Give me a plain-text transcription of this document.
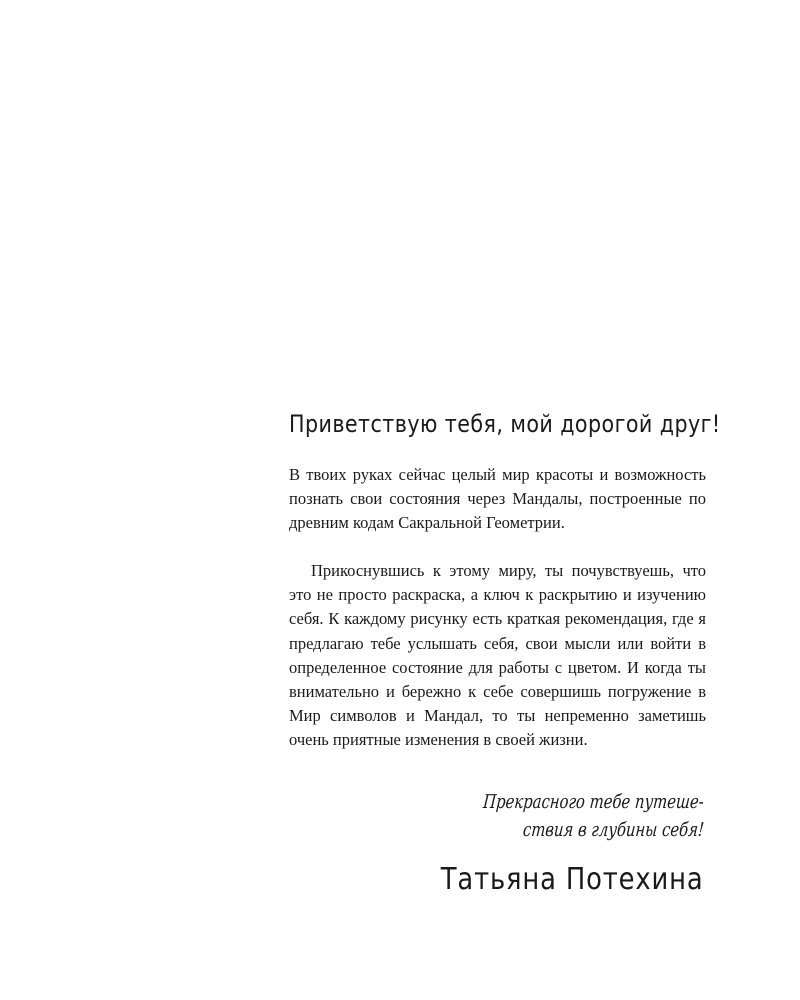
Приветствую тебя, мой дорогой друг!

В твоих руках сейчас целый мир красоты и возможность познать свои состояния через Мандалы, построенные по древним кодам Сакральной Геометрии.

Прикоснувшись к этому миру, ты почувствуешь, что это не просто раскраска, а ключ к раскрытию и изучению себя. К каждому рисунку есть краткая рекомендация, где я предлагаю тебе услышать себя, свои мысли или войти в определенное состояние для работы с цветом. И когда ты внимательно и бережно к себе совершишь погружение в Мир символов и Мандал, то ты непременно заметишь очень приятные изменения в своей жизни.

Прекрасного тебе путеше-

ствия в глубины себя!

Татьяна Потехина
